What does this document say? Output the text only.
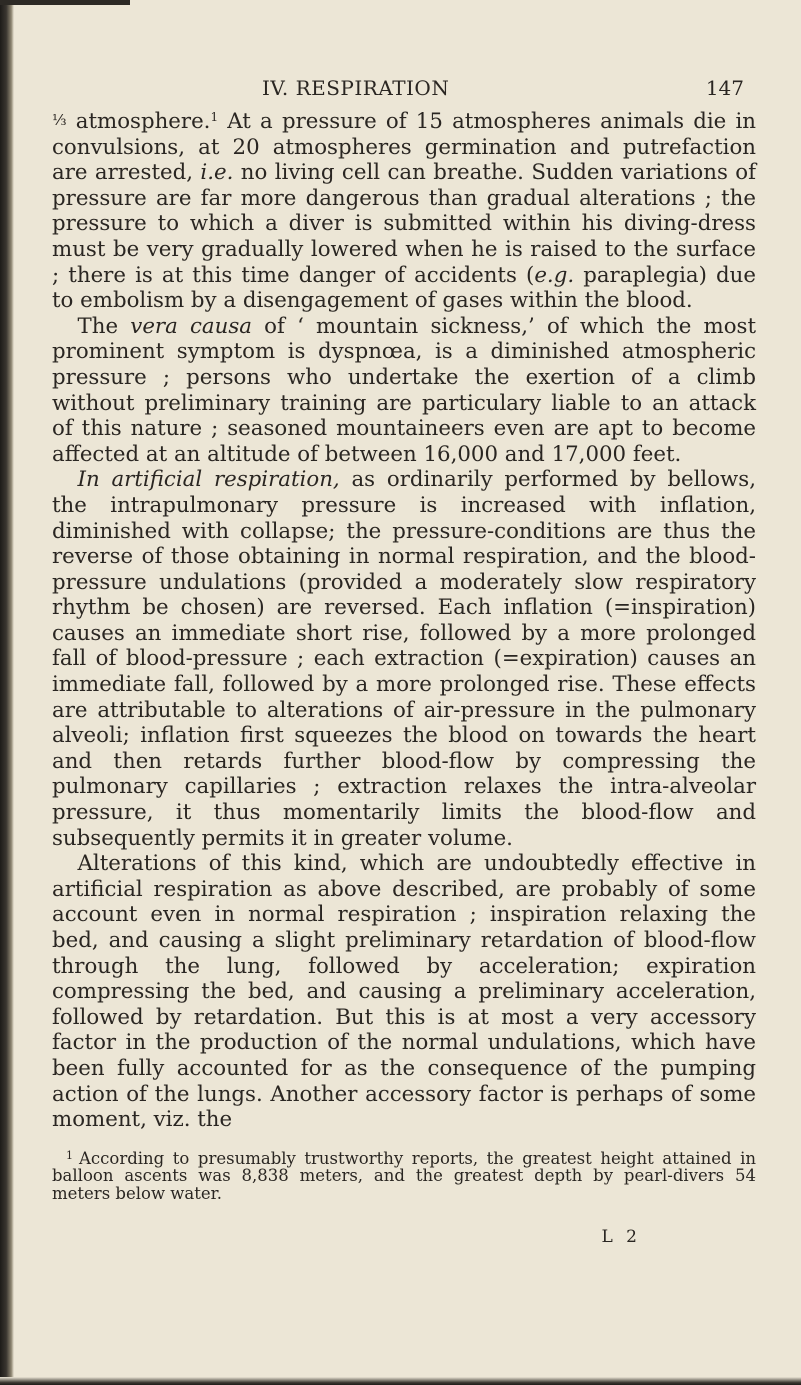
IV. RESPIRATION	147

⅓ atmosphere.$^1$ At a pressure of 15 atmospheres animals die in convulsions, at 20 atmospheres germination and putrefaction are arrested, i.e. no living cell can breathe. Sudden variations of pressure are far more dangerous than gradual alterations ; the pressure to which a diver is submitted within his diving-dress must be very gradually lowered when he is raised to the surface ; there is at this time danger of accidents (e.g. paraplegia) due to embolism by a disengagement of gases within the blood.

The vera causa of ‘ mountain sickness,’ of which the most prominent symptom is dyspnœa, is a diminished atmospheric pressure ; persons who undertake the exertion of a climb without preliminary training are particulary liable to an attack of this nature ; seasoned mountaineers even are apt to become affected at an altitude of between 16,000 and 17,000 feet.

In artificial respiration, as ordinarily performed by bellows, the intrapulmonary pressure is increased with inflation, diminished with collapse; the pressure-conditions are thus the reverse of those obtaining in normal respiration, and the blood-pressure undulations (provided a moderately slow respiratory rhythm be chosen) are reversed. Each inflation (=inspiration) causes an immediate short rise, followed by a more prolonged fall of blood-pressure ; each extraction (=expiration) causes an immediate fall, followed by a more prolonged rise. These effects are attributable to alterations of air-pressure in the pulmonary alveoli; inflation first squeezes the blood on towards the heart and then retards further blood-flow by compressing the pulmonary capillaries ; extraction relaxes the intra-alveolar pressure, it thus momentarily limits the blood-flow and subsequently permits it in greater volume.

Alterations of this kind, which are undoubtedly effective in artificial respiration as above described, are probably of some account even in normal respiration ; inspiration relaxing the bed, and causing a slight preliminary retardation of blood-flow through the lung, followed by acceleration; expiration compressing the bed, and causing a preliminary acceleration, followed by retardation. But this is at most a very accessory factor in the production of the normal undulations, which have been fully accounted for as the consequence of the pumping action of the lungs. Another accessory factor is perhaps of some moment, viz. the

$^1$ According to presumably trustworthy reports, the greatest height attained in balloon ascents was 8,838 meters, and the greatest depth by pearl-divers 54 meters below water.

L 2
